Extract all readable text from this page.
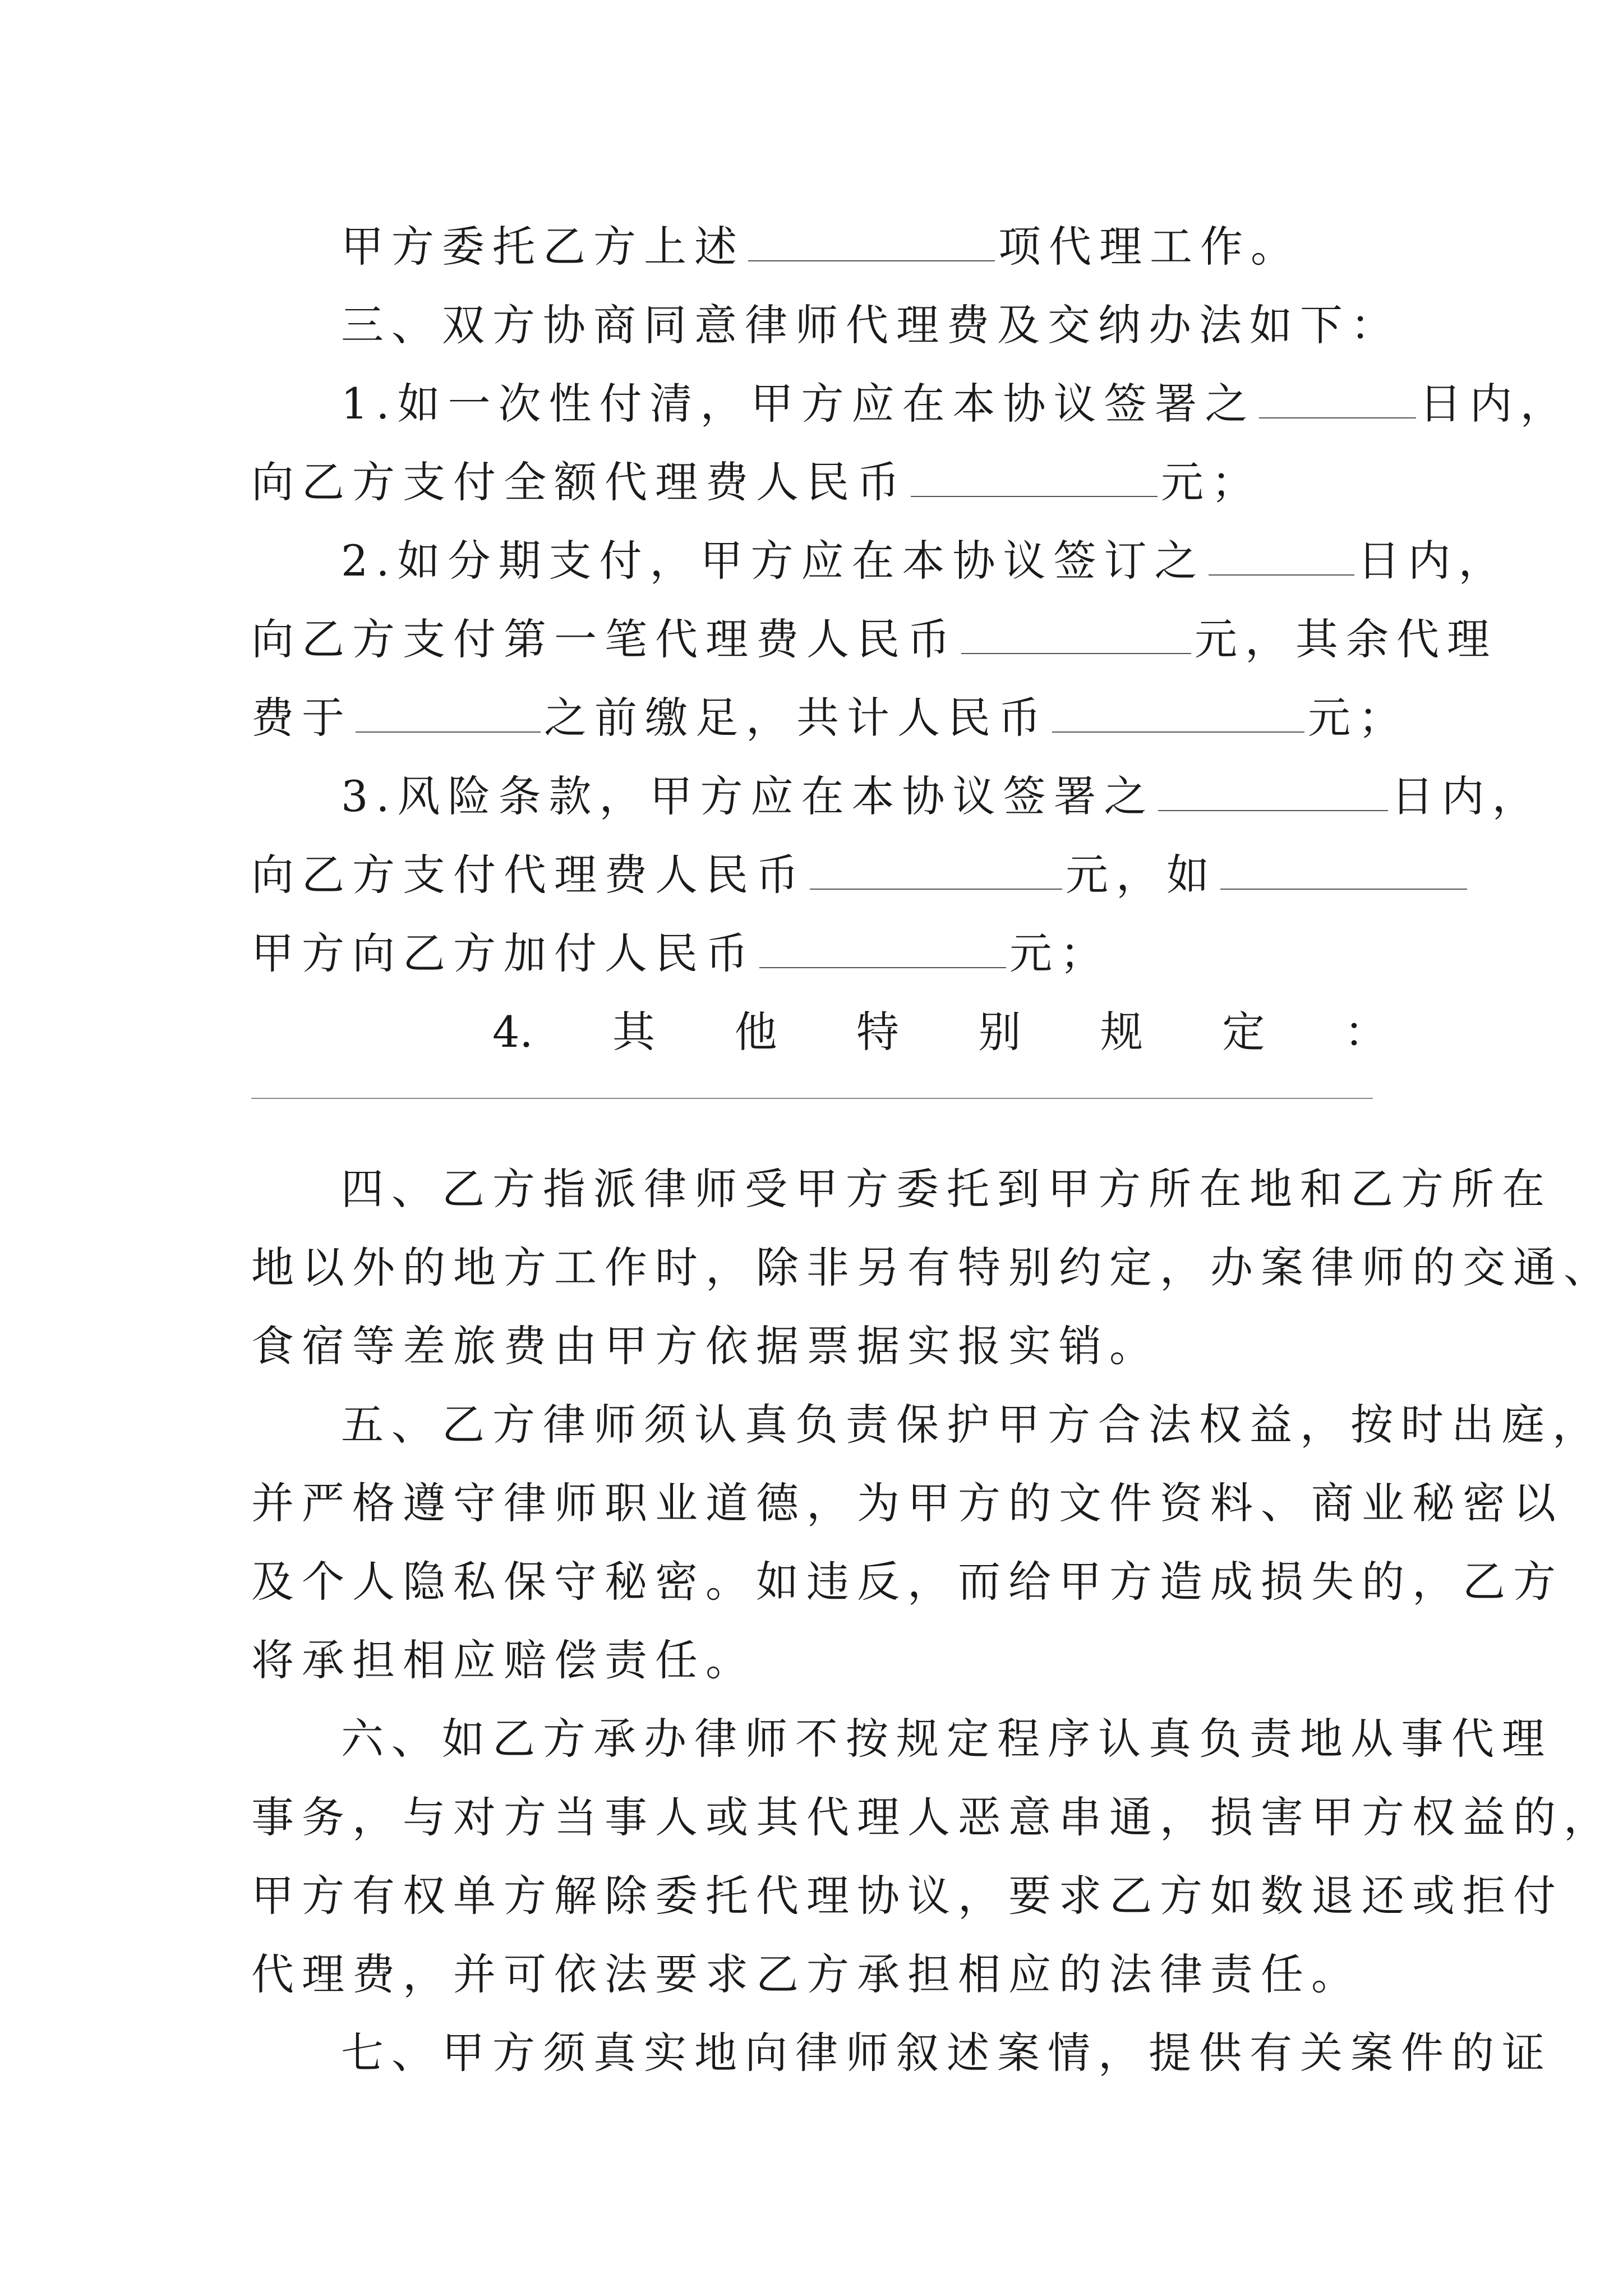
甲方委托乙方上述	项代理工作。
三、双方协商同意律师代理费及交纳办法如下：
1.如一次性付清，甲方应在本协议签署之	日内，
向乙方支付全额代理费人民币	元；
2.如分期支付，甲方应在本协议签订之	日内，
向乙方支付第一笔代理费人民币	元，其余代理
费于	之前缴足，共计人民币	元；
3.风险条款，甲方应在本协议签署之	日内，
向乙方支付代理费人民币	元，如
甲方向乙方加付人民币	元；
4. 其 他 特 别 规 定 ：
四、乙方指派律师受甲方委托到甲方所在地和乙方所在
地以外的地方工作时，除非另有特别约定，办案律师的交通、
食宿等差旅费由甲方依据票据实报实销。
五、乙方律师须认真负责保护甲方合法权益，按时出庭，
并严格遵守律师职业道德，为甲方的文件资料、商业秘密以
及个人隐私保守秘密。如违反，而给甲方造成损失的，乙方
将承担相应赔偿责任。
六、如乙方承办律师不按规定程序认真负责地从事代理
事务，与对方当事人或其代理人恶意串通，损害甲方权益的，
甲方有权单方解除委托代理协议，要求乙方如数退还或拒付
代理费，并可依法要求乙方承担相应的法律责任。
七、甲方须真实地向律师叙述案情，提供有关案件的证
